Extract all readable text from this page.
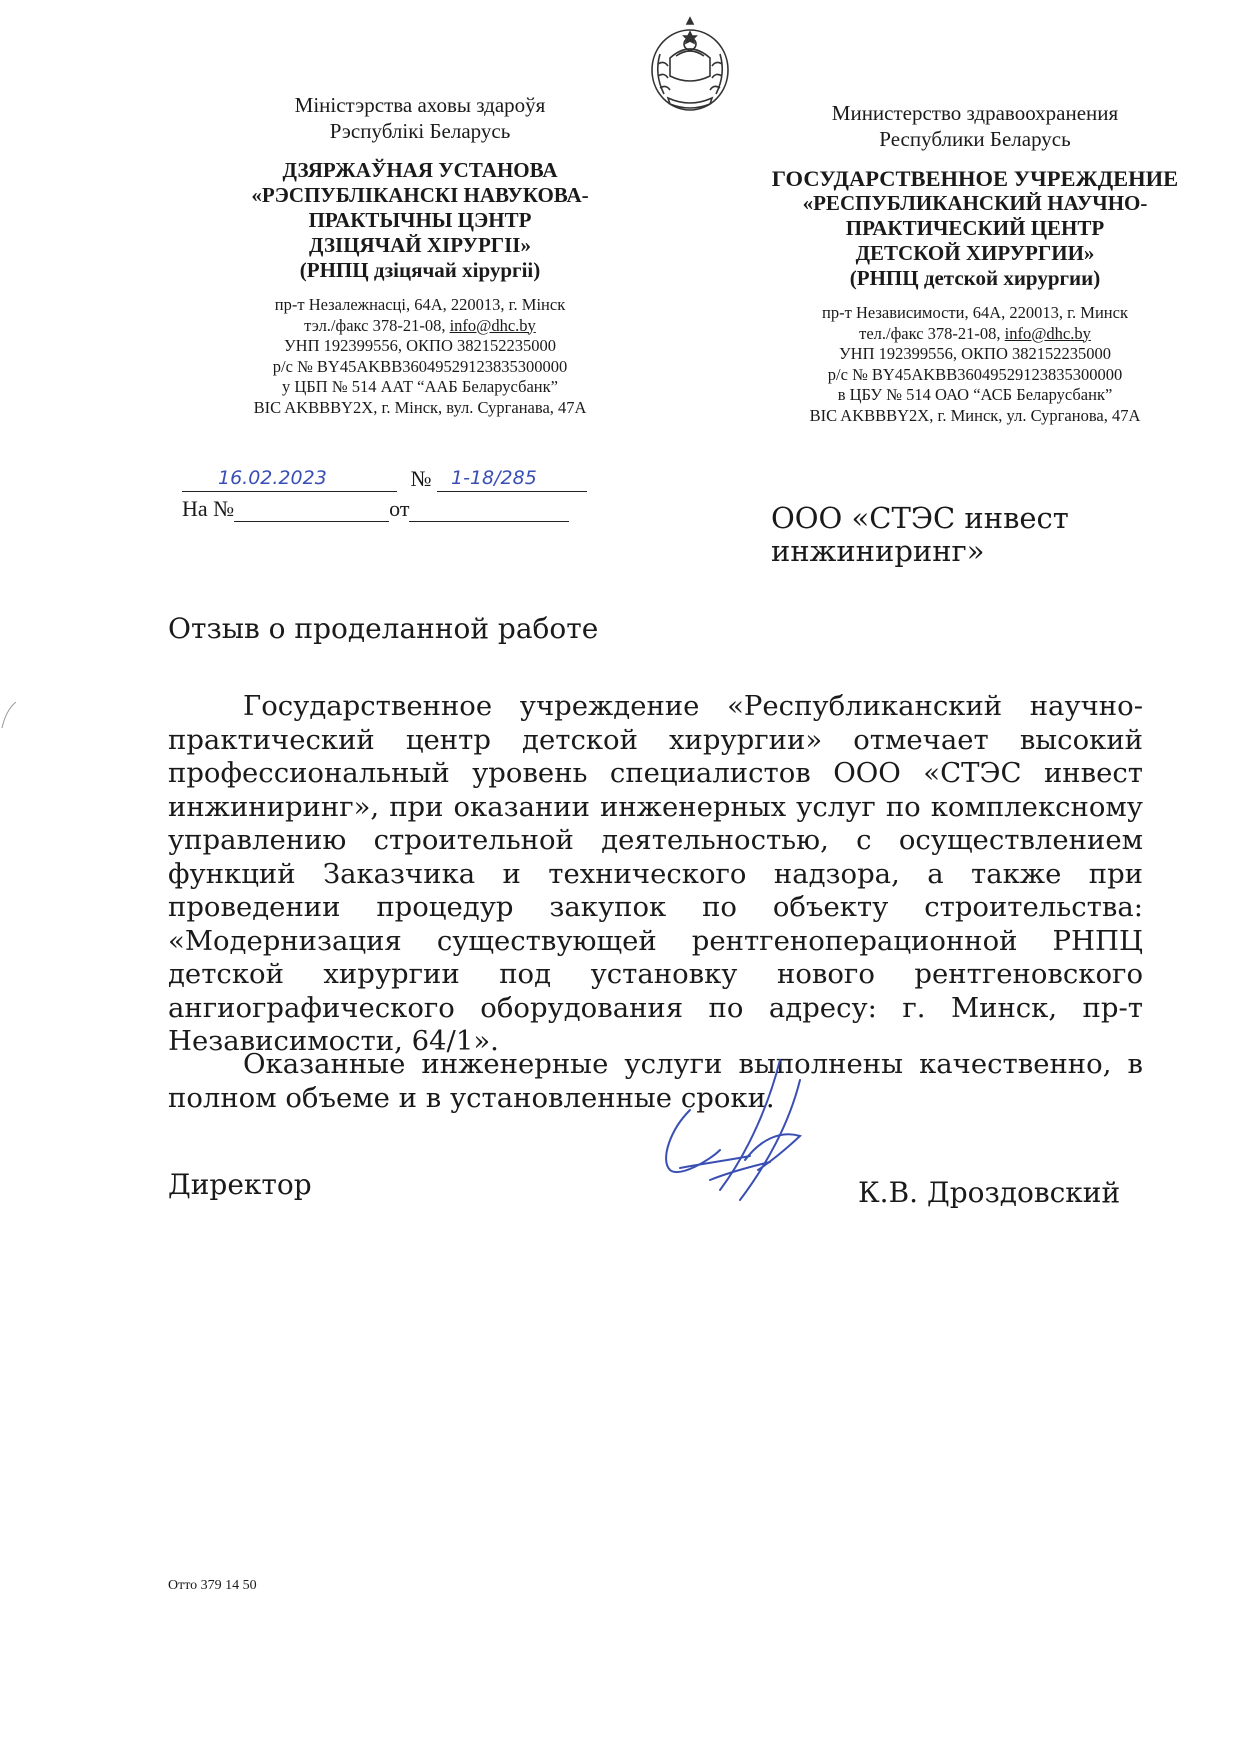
Міністэрства аховы здароўя
Рэспублікі Беларусь
ДЗЯРЖАЎНАЯ УСТАНОВА
«РЭСПУБЛІКАНСКІ НАВУКОВА-
ПРАКТЫЧНЫ ЦЭНТР
ДЗІЦЯЧАЙ ХІРУРГІІ»
(РНПЦ дзіцячай хірургіі)
пр-т Незалежнасці, 64А, 220013, г. Мінск
тэл./факс 378-21-08, info@dhc.by
УНП 192399556, ОКПО 382152235000
р/с № BY45AKBB36049529123835300000
у ЦБП № 514 ААТ “ААБ Беларусбанк”
BIC AKBBBY2X, г. Мінск, вул. Сурганава, 47А
Министерство здравоохранения
Республики Беларусь
ГОСУДАРСТВЕННОЕ УЧРЕЖДЕНИЕ
«РЕСПУБЛИКАНСКИЙ НАУЧНО-
ПРАКТИЧЕСКИЙ ЦЕНТР
ДЕТСКОЙ ХИРУРГИИ»
(РНПЦ детской хирургии)
пр-т Независимости, 64А, 220013, г. Минск
тел./факс 378-21-08, info@dhc.by
УНП 192399556, ОКПО 382152235000
р/с № BY45AKBB36049529123835300000
в ЦБУ № 514 ОАО “АСБ Беларусбанк”
BIC AKBBBY2X, г. Минск, ул. Сурганова, 47А
16.02.2023	№ 1-18/285
На №	от	ООО «СТЭС инвест инжиниринг»
Отзыв о проделанной работе
Государственное учреждение «Республиканский научно-практический центр детской хирургии» отмечает высокий профессиональный уровень специалистов ООО «СТЭС инвест инжиниринг», при оказании инженерных услуг по комплексному управлению строительной деятельностью, с осуществлением функций Заказчика и технического надзора, а также при проведении процедур закупок по объекту строительства: «Модернизация существующей рентгеноперационной РНПЦ детской хирургии под установку нового рентгеновского ангиографического оборудования по адресу: г. Минск, пр-т Независимости, 64/1».
Оказанные инженерные услуги выполнены качественно, в полном объеме и в установленные сроки.
Директор	К.В. Дроздовский
Отто 379 14 50
